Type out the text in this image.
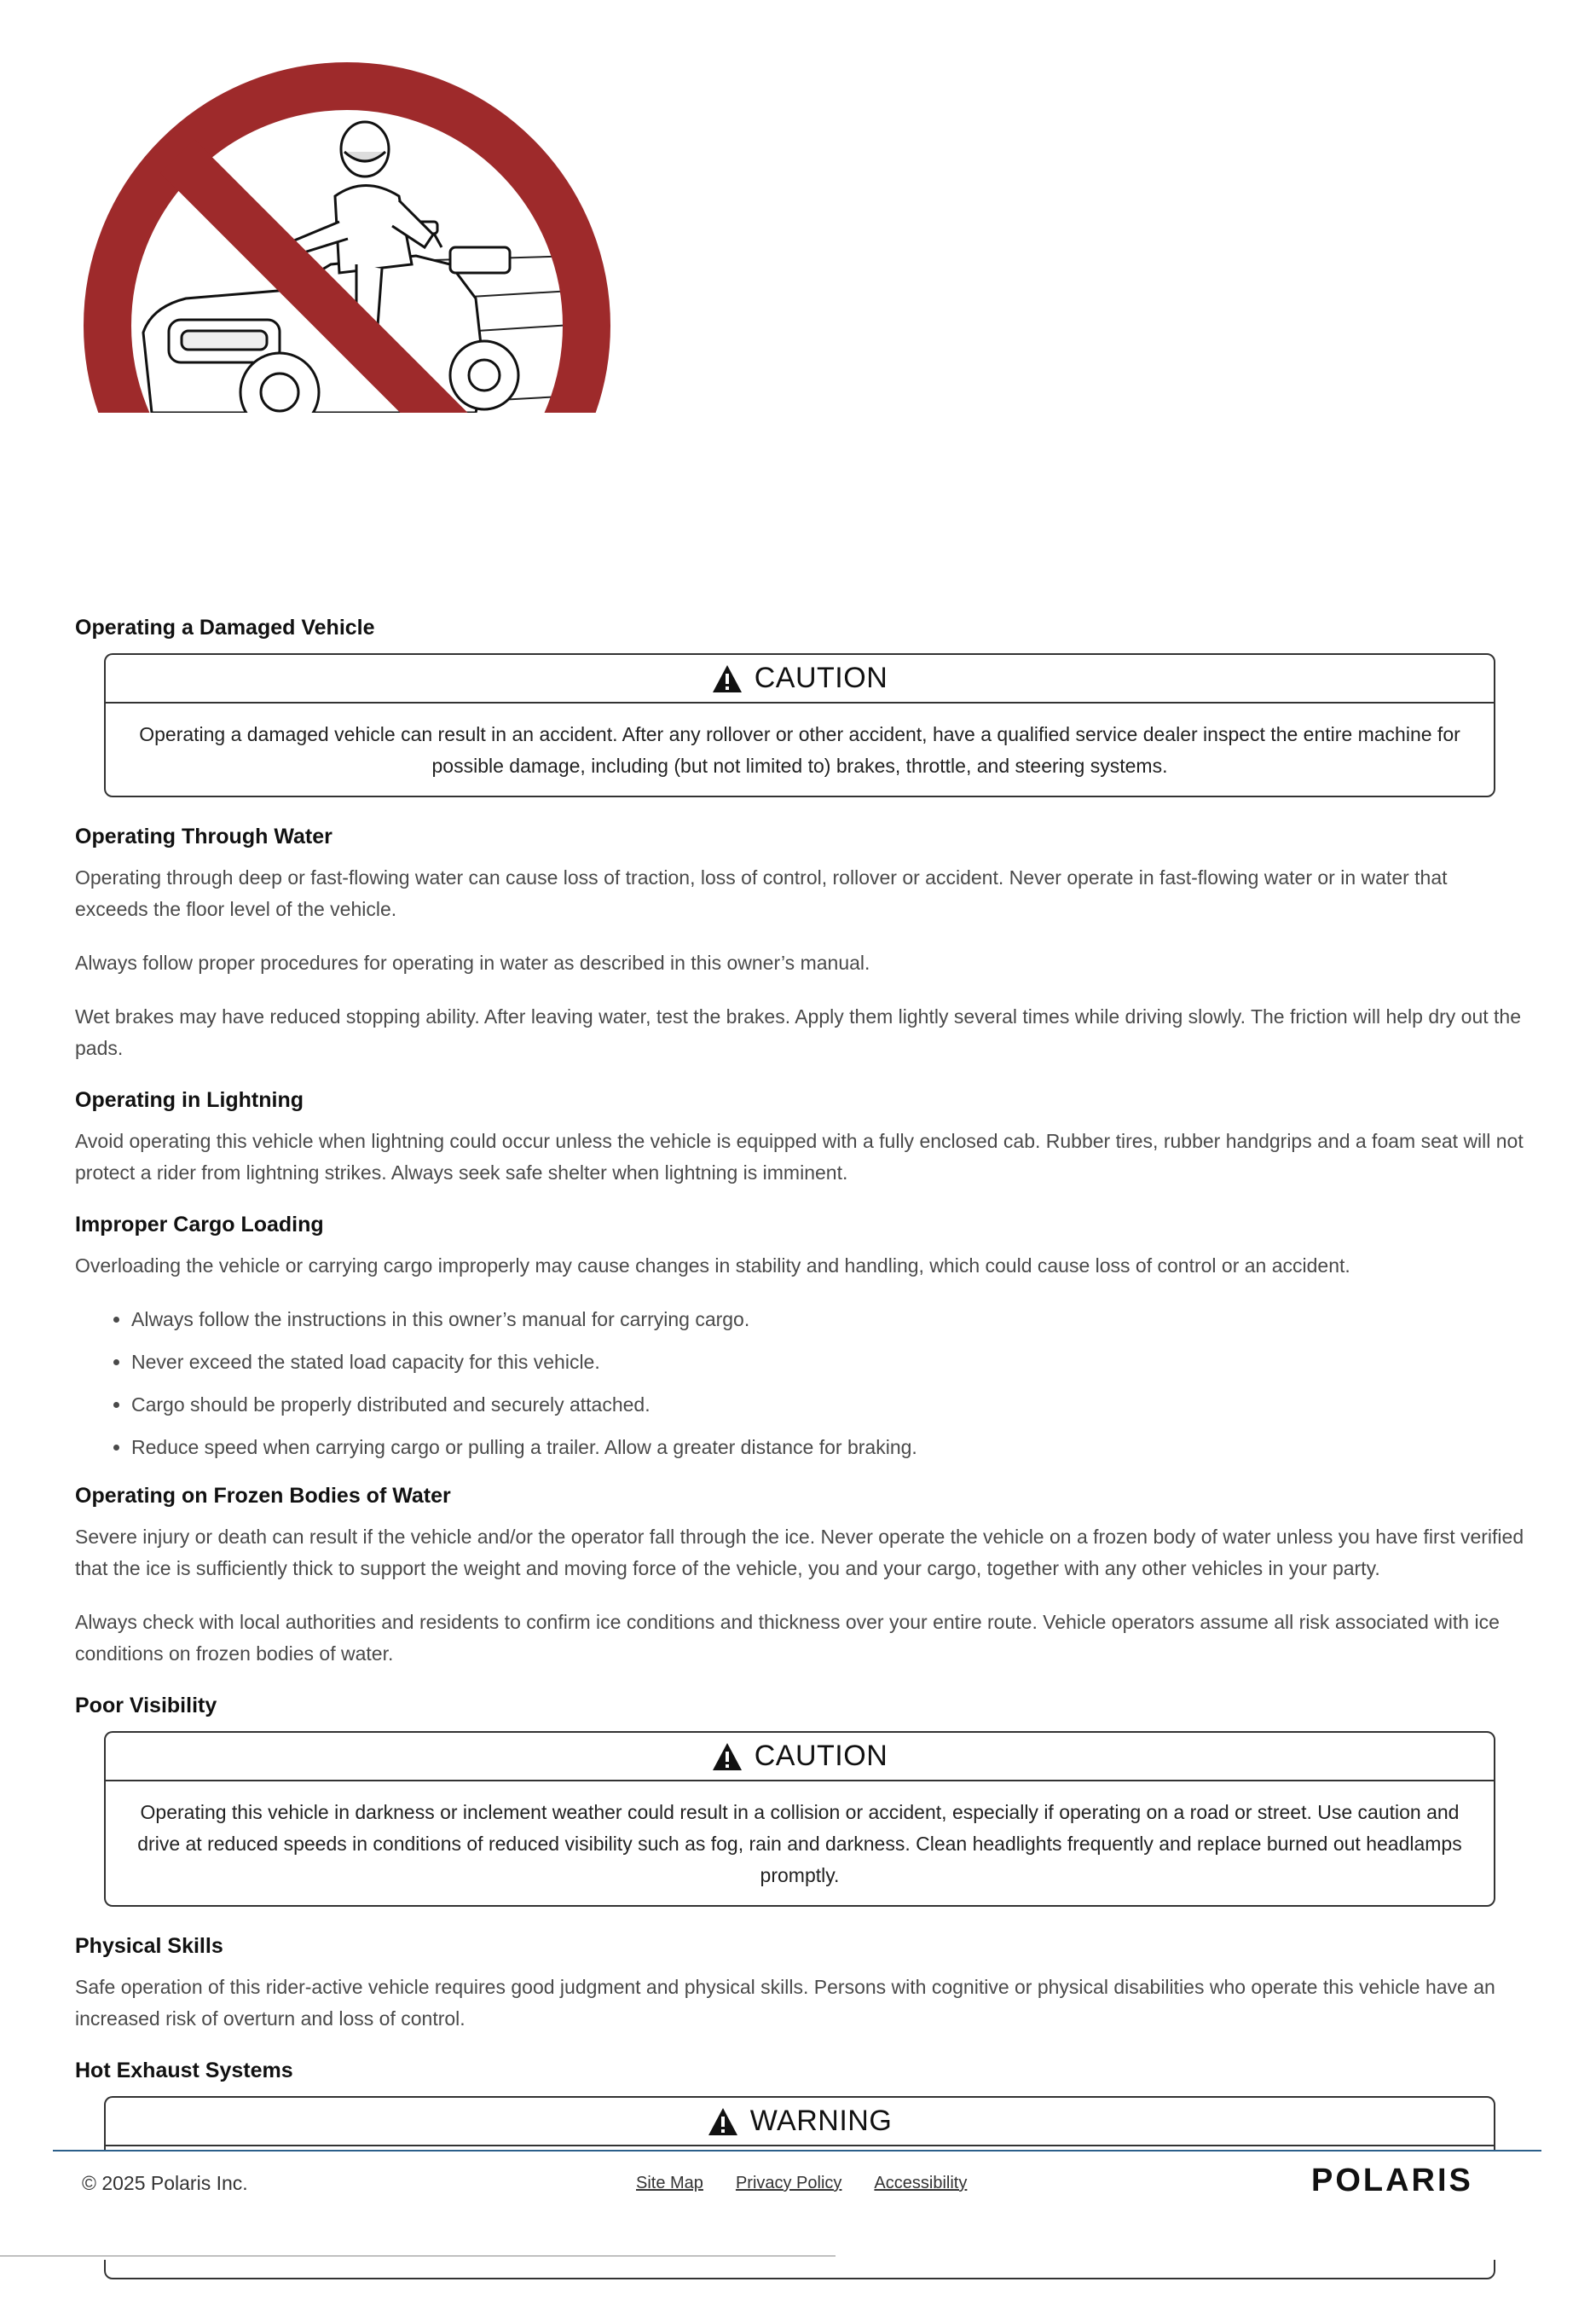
Operating a Damaged Vehicle
CAUTION
Operating a damaged vehicle can result in an accident. After any rollover or other accident, have a qualified service dealer inspect the entire machine for possible damage, including (but not limited to) brakes, throttle, and steering systems.
Operating Through Water

Operating through deep or fast-flowing water can cause loss of traction, loss of control, rollover or accident. Never operate in fast-flowing water or in water that exceeds the floor level of the vehicle.

Always follow proper procedures for operating in water as described in this owner’s manual.

Wet brakes may have reduced stopping ability. After leaving water, test the brakes. Apply them lightly several times while driving slowly. The friction will help dry out the pads.

Operating in Lightning

Avoid operating this vehicle when lightning could occur unless the vehicle is equipped with a fully enclosed cab. Rubber tires, rubber handgrips and a foam seat will not protect a rider from lightning strikes. Always seek safe shelter when lightning is imminent.

Improper Cargo Loading

Overloading the vehicle or carrying cargo improperly may cause changes in stability and handling, which could cause loss of control or an accident.

• Always follow the instructions in this owner’s manual for carrying cargo.
• Never exceed the stated load capacity for this vehicle.
• Cargo should be properly distributed and securely attached.
• Reduce speed when carrying cargo or pulling a trailer. Allow a greater distance for braking.
Operating on Frozen Bodies of Water

Severe injury or death can result if the vehicle and/or the operator fall through the ice. Never operate the vehicle on a frozen body of water unless you have first verified that the ice is sufficiently thick to support the weight and moving force of the vehicle, you and your cargo, together with any other vehicles in your party.

Always check with local authorities and residents to confirm ice conditions and thickness over your entire route. Vehicle operators assume all risk associated with ice conditions on frozen bodies of water.

Poor Visibility
CAUTION
Operating this vehicle in darkness or inclement weather could result in a collision or accident, especially if operating on a road or street. Use caution and drive at reduced speeds in conditions of reduced visibility such as fog, rain and darkness. Clean headlights frequently and replace burned out headlamps promptly.
Physical Skills

Safe operation of this rider-active vehicle requires good judgment and physical skills. Persons with cognitive or physical disabilities who operate this vehicle have an increased risk of overturn and loss of control.

Hot Exhaust Systems
WARNING
© 2025 Polaris Inc.	Site Map Privacy Policy Accessibility	POLARIS
